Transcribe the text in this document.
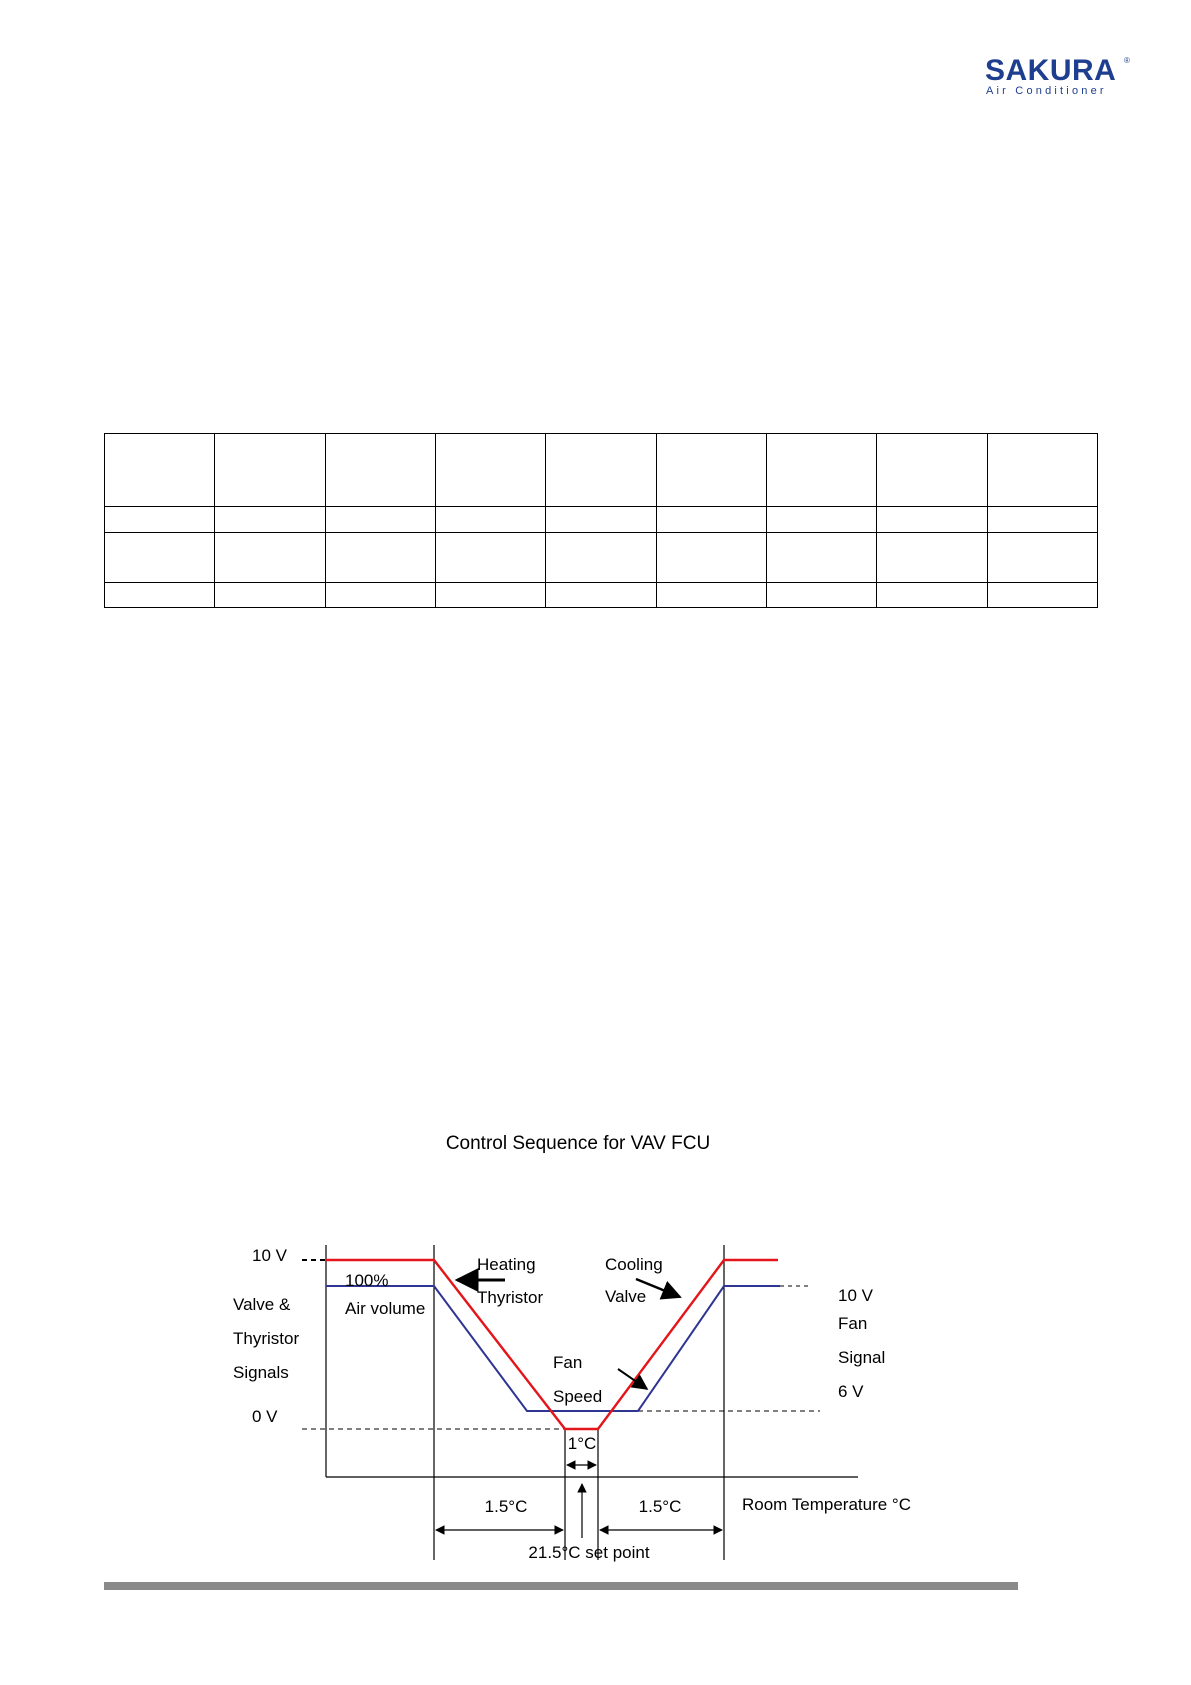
SAKURA ®
Air Conditioner

Control Sequence for VAV FCU
10 V
Valve &
Thyristor
Signals
0 V
100%
Air volume
Heating
Thyristor
Cooling
Valve
Fan
Speed
10 V
Fan
Signal
6 V
1°C
1.5°C	1.5°C	Room Temperature °C
21.5°C set point
